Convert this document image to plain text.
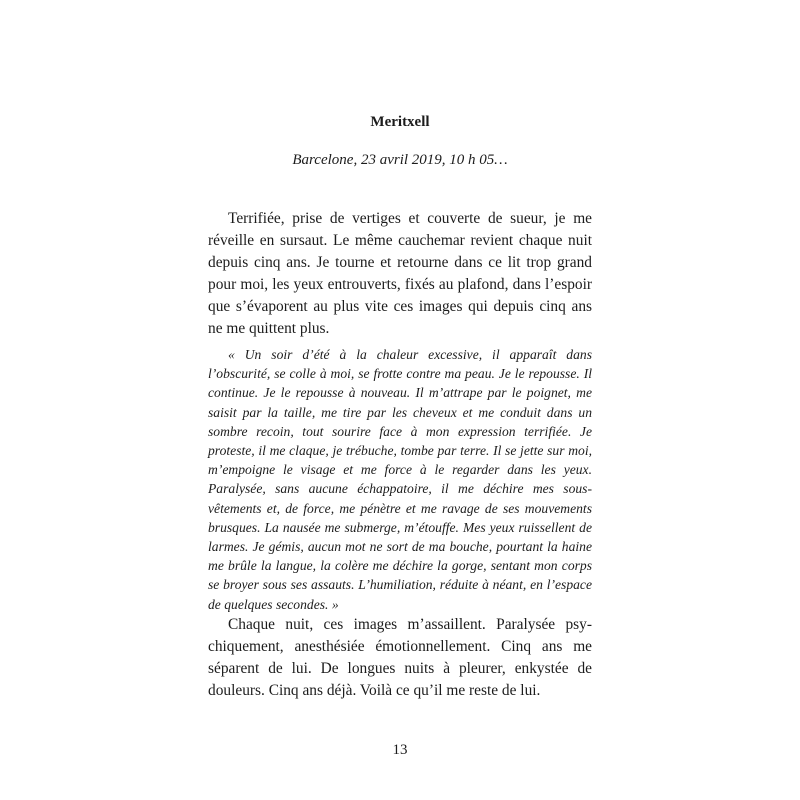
Meritxell
Barcelone, 23 avril 2019, 10 h 05…

Terrifiée, prise de vertiges et couverte de sueur, je me réveille en sursaut. Le même cauchemar revient chaque nuit depuis cinq ans. Je tourne et retourne dans ce lit trop grand pour moi, les yeux entrouverts, fixés au plafond, dans l’espoir que s’évaporent au plus vite ces images qui depuis cinq ans ne me quittent plus.

« Un soir d’été à la chaleur excessive, il apparaît dans l’obscurité, se colle à moi, se frotte contre ma peau. Je le repousse. Il continue. Je le repousse à nouveau. Il m’attrape par le poignet, me saisit par la taille, me tire par les cheveux et me conduit dans un sombre recoin, tout sourire face à mon expression terrifiée. Je proteste, il me claque, je trébuche, tombe par terre. Il se jette sur moi, m’empoigne le visage et me force à le regarder dans les yeux. Paralysée, sans aucune échappatoire, il me déchire mes sous-vêtements et, de force, me pénètre et me ravage de ses mouvements brusques. La nausée me submerge, m’étouffe. Mes yeux ruissellent de larmes. Je gémis, aucun mot ne sort de ma bouche, pourtant la haine me brûle la langue, la colère me déchire la gorge, sentant mon corps se broyer sous ses assauts. L’humiliation, réduite à néant, en l’espace de quelques secondes. »

Chaque nuit, ces images m’assaillent. Paralysée psychiquement, anesthésiée émotionnellement. Cinq ans me séparent de lui. De longues nuits à pleurer, enkystée de douleurs. Cinq ans déjà. Voilà ce qu’il me reste de lui.

13
